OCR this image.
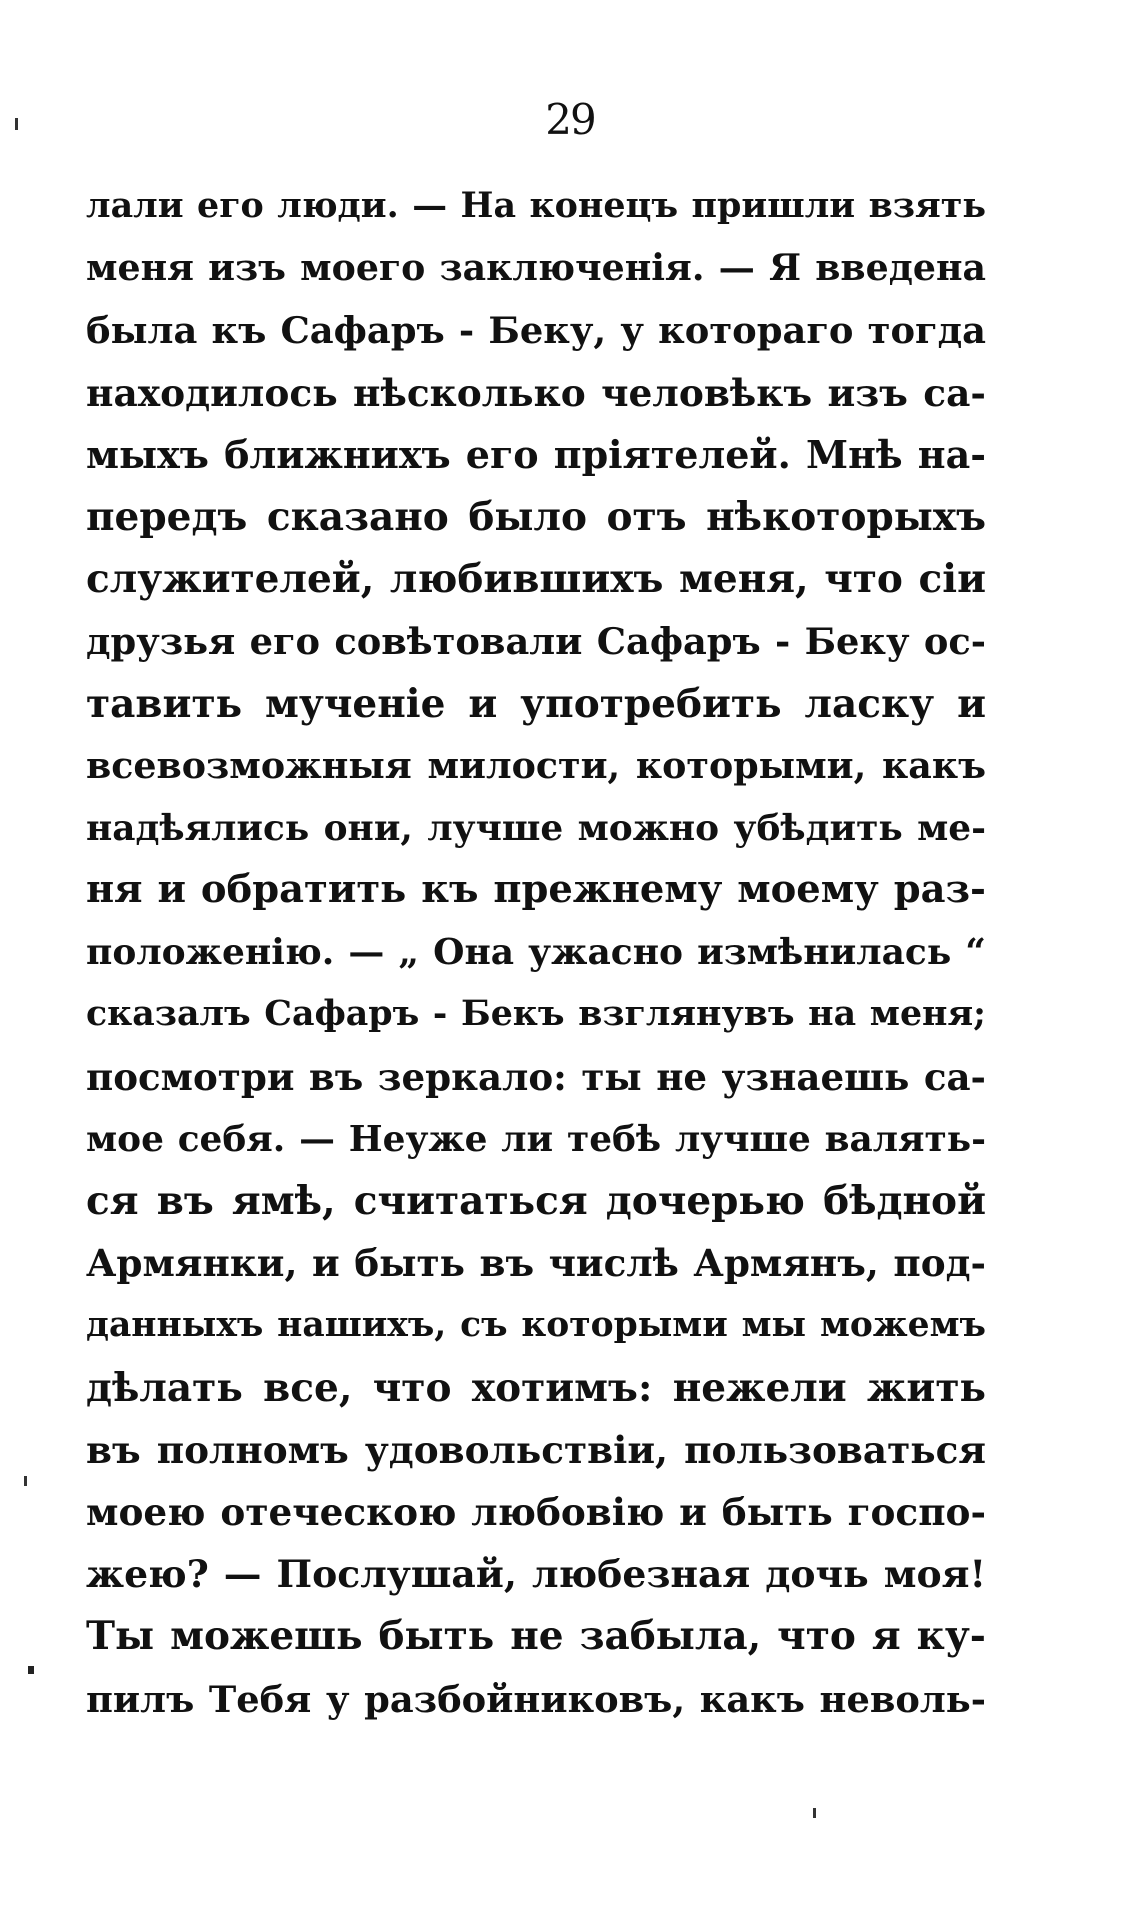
29
лали его люди. — На конецъ пришли взять
меня изъ моего заключенія. — Я введена
была къ Сафаръ - Беку, у котораго тогда
находилось нѣсколько человѣкъ изъ са-
мыхъ ближнихъ его пріятелей. Мнѣ на-
передъ сказано было отъ нѣкоторыхъ
служителей, любившихъ меня, что сіи
друзья его совѣтовали Сафаръ - Беку ос-
тавить мученіе и употребить ласку и
всевозможныя милости, которыми, какъ
надѣялись они, лучше можно убѣдить ме-
ня и обратить къ прежнему моему раз-
положенію. — „ Она ужасно измѣнилась “
сказалъ Сафаръ - Бекъ взглянувъ на меня;
посмотри въ зеркало: ты не узнаешь са-
мое себя. — Неуже ли тебѣ лучше валять-
ся въ ямѣ, считаться дочерью бѣдной
Армянки, и быть въ числѣ Армянъ, под-
данныхъ нашихъ, съ которыми мы можемъ
дѣлать все, что хотимъ: нежели жить
въ полномъ удовольствіи, пользоваться
моею отеческою любовію и быть госпо-
жею? — Послушай, любезная дочь моя!
Ты можешь быть не забыла, что я ку-
пилъ Тебя у разбойниковъ, какъ неволь-
